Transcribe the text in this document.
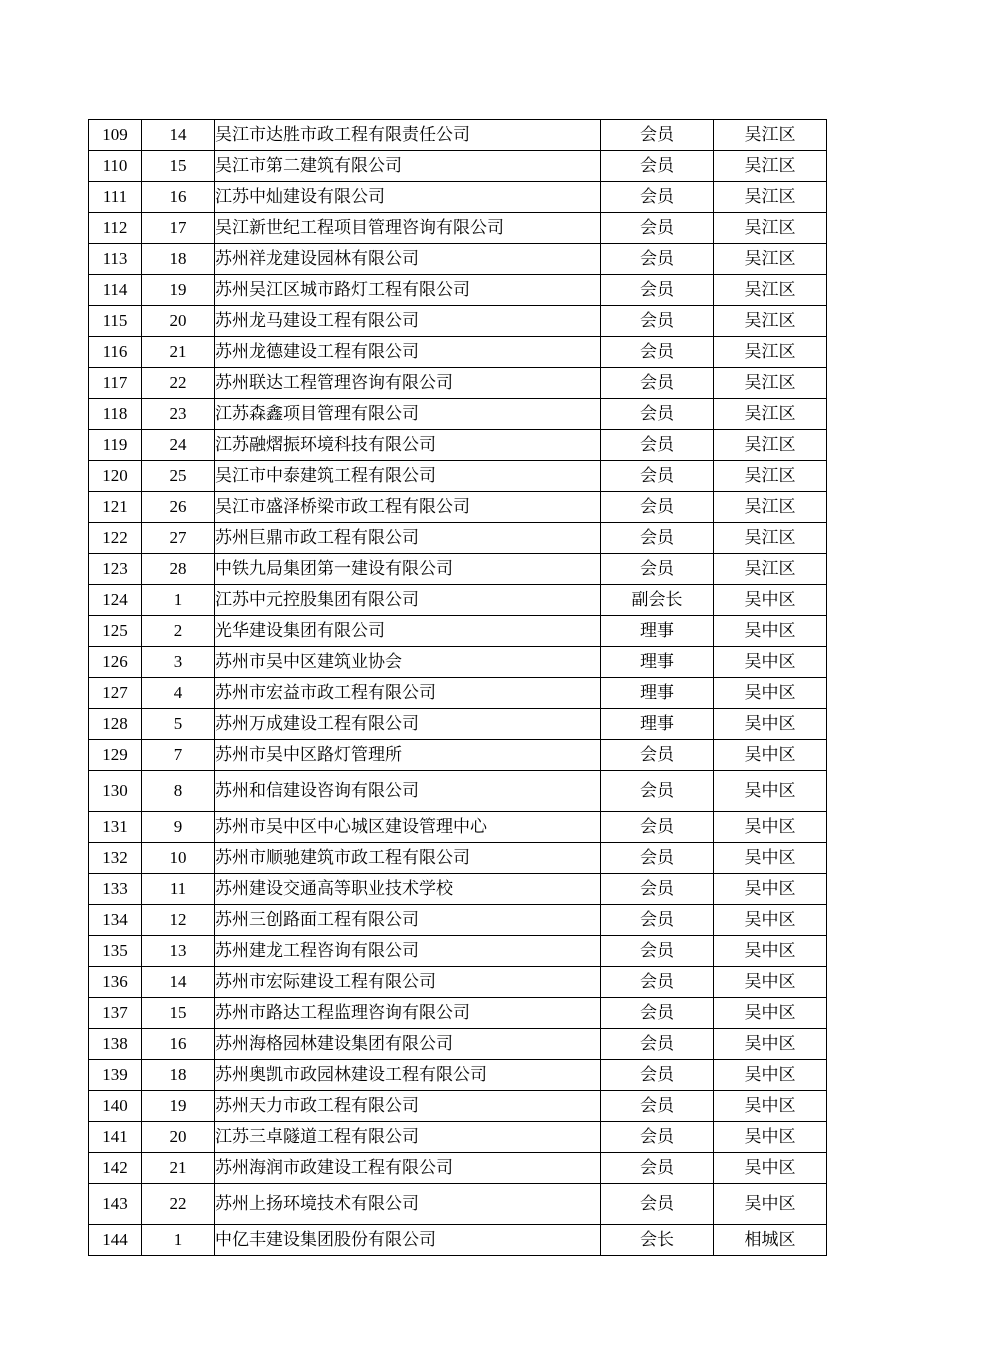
109	14	吴江市达胜市政工程有限责任公司	会员	吴江区
110	15	吴江市第二建筑有限公司	会员	吴江区
111	16	江苏中灿建设有限公司	会员	吴江区
112	17	吴江新世纪工程项目管理咨询有限公司	会员	吴江区
113	18	苏州祥龙建设园林有限公司	会员	吴江区
114	19	苏州吴江区城市路灯工程有限公司	会员	吴江区
115	20	苏州龙马建设工程有限公司	会员	吴江区
116	21	苏州龙德建设工程有限公司	会员	吴江区
117	22	苏州联达工程管理咨询有限公司	会员	吴江区
118	23	江苏森鑫项目管理有限公司	会员	吴江区
119	24	江苏融熠振环境科技有限公司	会员	吴江区
120	25	吴江市中泰建筑工程有限公司	会员	吴江区
121	26	吴江市盛泽桥梁市政工程有限公司	会员	吴江区
122	27	苏州巨鼎市政工程有限公司	会员	吴江区
123	28	中铁九局集团第一建设有限公司	会员	吴江区
124	1	江苏中元控股集团有限公司	副会长	吴中区
125	2	光华建设集团有限公司	理事	吴中区
126	3	苏州市吴中区建筑业协会	理事	吴中区
127	4	苏州市宏益市政工程有限公司	理事	吴中区
128	5	苏州万成建设工程有限公司	理事	吴中区
129	7	苏州市吴中区路灯管理所	会员	吴中区
130	8	苏州和信建设咨询有限公司	会员	吴中区
131	9	苏州市吴中区中心城区建设管理中心	会员	吴中区
132	10	苏州市顺驰建筑市政工程有限公司	会员	吴中区
133	11	苏州建设交通高等职业技术学校	会员	吴中区
134	12	苏州三创路面工程有限公司	会员	吴中区
135	13	苏州建龙工程咨询有限公司	会员	吴中区
136	14	苏州市宏际建设工程有限公司	会员	吴中区
137	15	苏州市路达工程监理咨询有限公司	会员	吴中区
138	16	苏州海格园林建设集团有限公司	会员	吴中区
139	18	苏州奥凯市政园林建设工程有限公司	会员	吴中区
140	19	苏州天力市政工程有限公司	会员	吴中区
141	20	江苏三卓隧道工程有限公司	会员	吴中区
142	21	苏州海润市政建设工程有限公司	会员	吴中区
143	22	苏州上扬环境技术有限公司	会员	吴中区
144	1	中亿丰建设集团股份有限公司	会长	相城区
